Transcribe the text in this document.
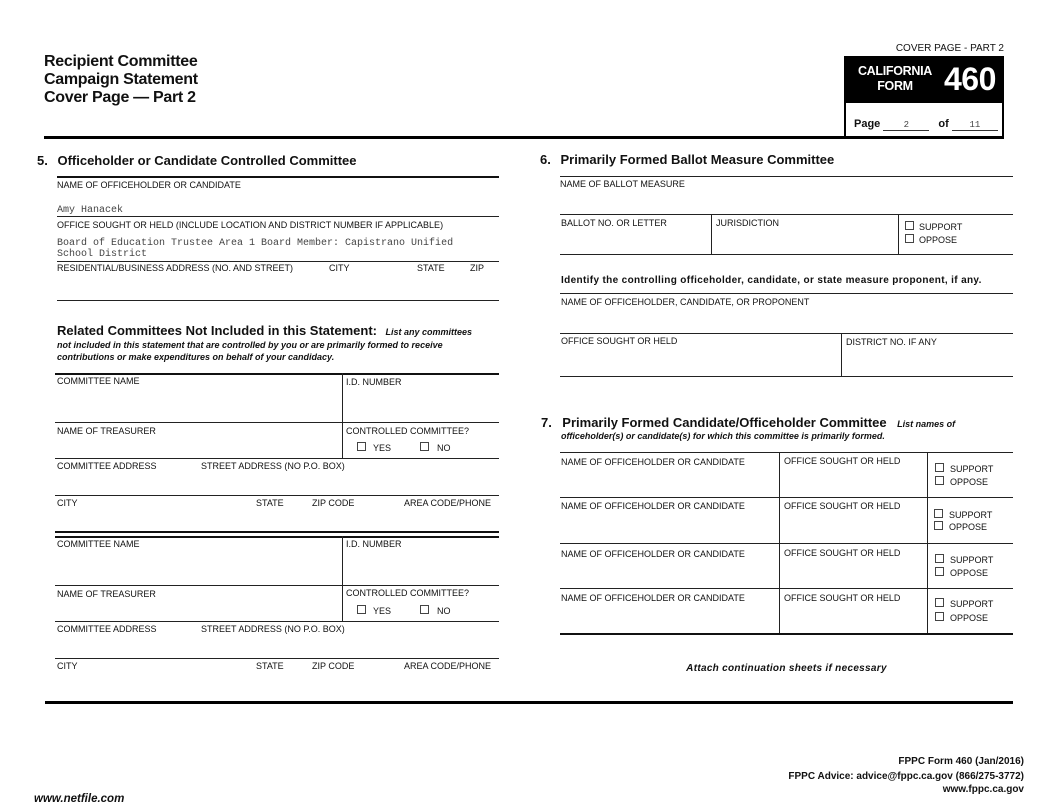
Recipient Committee
Campaign Statement
Cover Page — Part 2
COVER PAGE - PART 2
CALIFORNIA
FORM 460
Page	2	of 11
5. Officeholder or Candidate Controlled Committee
NAME OF OFFICEHOLDER OR CANDIDATE
Amy Hanacek
OFFICE SOUGHT OR HELD (INCLUDE LOCATION AND DISTRICT NUMBER IF APPLICABLE)
Board of Education Trustee Area 1 Board Member: Capistrano Unified
School District
RESIDENTIAL/BUSINESS ADDRESS (NO. AND STREET)	CITY	STATE	ZIP
Related Committees Not Included in this Statement: List any committees
not included in this statement that are controlled by you or are primarily formed to receive
contributions or make expenditures on behalf of your candidacy.
COMMITTEE NAME	I.D. NUMBER
NAME OF TREASURER	CONTROLLED COMMITTEE?
YES	NO
COMMITTEE ADDRESS	STREET ADDRESS (NO P.O. BOX)
CITY	STATE	ZIP CODE	AREA CODE/PHONE
COMMITTEE NAME	I.D. NUMBER
NAME OF TREASURER	CONTROLLED COMMITTEE?
YES	NO
COMMITTEE ADDRESS	STREET ADDRESS (NO P.O. BOX)
CITY	STATE	ZIP CODE	AREA CODE/PHONE
6. Primarily Formed Ballot Measure Committee
NAME OF BALLOT MEASURE
BALLOT NO. OR LETTER	JURISDICTION	SUPPORT
OPPOSE
Identify the controlling officeholder, candidate, or state measure proponent, if any.
NAME OF OFFICEHOLDER, CANDIDATE, OR PROPONENT
OFFICE SOUGHT OR HELD	DISTRICT NO. IF ANY
7. Primarily Formed Candidate/Officeholder Committee List names of
officeholder(s) or candidate(s) for which this committee is primarily formed.
NAME OF OFFICEHOLDER OR CANDIDATE	OFFICE SOUGHT OR HELD
SUPPORT
OPPOSE
NAME OF OFFICEHOLDER OR CANDIDATE	OFFICE SOUGHT OR HELD
SUPPORT
OPPOSE
NAME OF OFFICEHOLDER OR CANDIDATE	OFFICE SOUGHT OR HELD
SUPPORT
OPPOSE
NAME OF OFFICEHOLDER OR CANDIDATE	OFFICE SOUGHT OR HELD
SUPPORT
OPPOSE
Attach continuation sheets if necessary
FPPC Form 460 (Jan/2016)
FPPC Advice: advice@fppc.ca.gov (866/275-3772)
www.fppc.ca.gov
www.netfile.com
